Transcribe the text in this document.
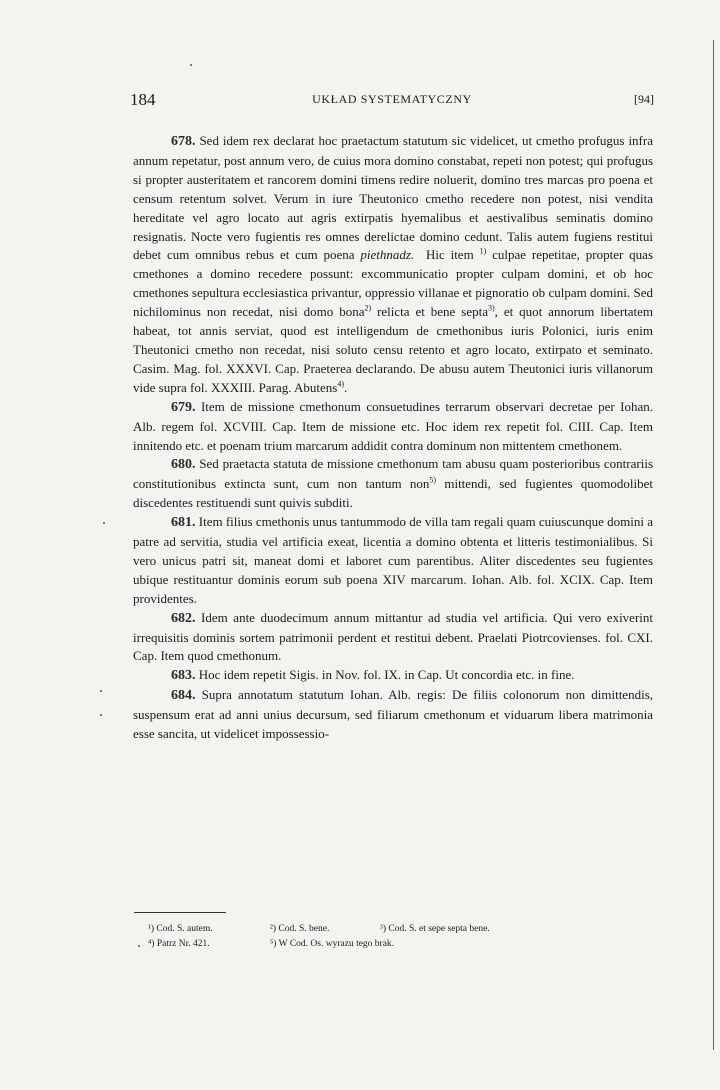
184	UKŁAD SYSTEMATYCZNY	[94]

678. Sed idem rex declarat hoc praetactum statutum sic videlicet, ut cmetho profugus infra annum repetatur, post annum vero, de cuius mora domino constabat, repeti non potest; qui profugus si propter austeritatem et rancorem domini timens redire noluerit, domino tres marcas pro poena et censum retentum solvet. Verum in iure Theutonico cmetho recedere non potest, nisi vendita hereditate vel agro locato aut agris extirpatis hyemalibus et aestivalibus seminatis domino resignatis. Nocte vero fugientis res omnes derelictae domino cedunt. Talis autem fugiens restitui debet cum omnibus rebus et cum poena piethnadz. Hic item $^{1)}$ culpae repetitae, propter quas cmethones a domino recedere possunt: excommunicatio propter culpam domini, et ob hoc cmethones sepultura ecclesiastica privantur, oppressio villanae et pignoratio ob culpam domini. Sed nichilominus non recedat, nisi domo bona$^{2)}$ relicta et bene septa$^{3)}$, et quot annorum libertatem habeat, tot annis serviat, quod est intelligendum de cmethonibus iuris Polonici, iuris enim Theutonici cmetho non recedat, nisi soluto censu retento et agro locato, extirpato et seminato. Casim. Mag. fol. XXXVI. Cap. Praeterea declarando. De abusu autem Theutonici iuris villanorum vide supra fol. XXXIII. Parag. Abutens$^{4)}$.

679. Item de missione cmethonum consuetudines terrarum observari decretae per Iohan. Alb. regem fol. XCVIII. Cap. Item de missione etc. Hoc idem rex repetit fol. CIII. Cap. Item innitendo etc. et poenam trium marcarum addidit contra dominum non mittentem cmethonem.

680. Sed praetacta statuta de missione cmethonum tam abusu quam posterioribus contrariis constitutionibus extincta sunt, cum non tantum non$^{5)}$ mittendi, sed fugientes quomodolibet discedentes restituendi sunt quivis subditi.

681. Item filius cmethonis unus tantummodo de villa tam regali quam cuiuscunque domini a patre ad servitia, studia vel artificia exeat, licentia a domino obtenta et litteris testimonialibus. Si vero unicus patri sit, maneat domi et laboret cum parentibus. Aliter discedentes seu fugientes ubique restituantur dominis eorum sub poena XIV marcarum. Iohan. Alb. fol. XCIX. Cap. Item providentes.

682. Idem ante duodecimum annum mittantur ad studia vel artificia. Qui vero exiverint irrequisitis dominis sortem patrimonii perdent et restitui debent. Praelati Piotrcovienses. fol. CXI. Cap. Item quod cmethonum.

683. Hoc idem repetit Sigis. in Nov. fol. IX. in Cap. Ut concordia etc. in fine.

684. Supra annotatum statutum Iohan. Alb. regis: De filiis colonorum non dimittendis, suspensum erat ad anni unius decursum, sed filiarum cmethonum et viduarum libera matrimonia esse sancita, ut videlicet impossessio-

¹) Cod. S. autem.	²) Cod. S. bene.	³) Cod. S. et sepe septa bene.
⁴) Patrz Nr. 421.	⁵) W Cod. Os. wyrazu tego brak.
